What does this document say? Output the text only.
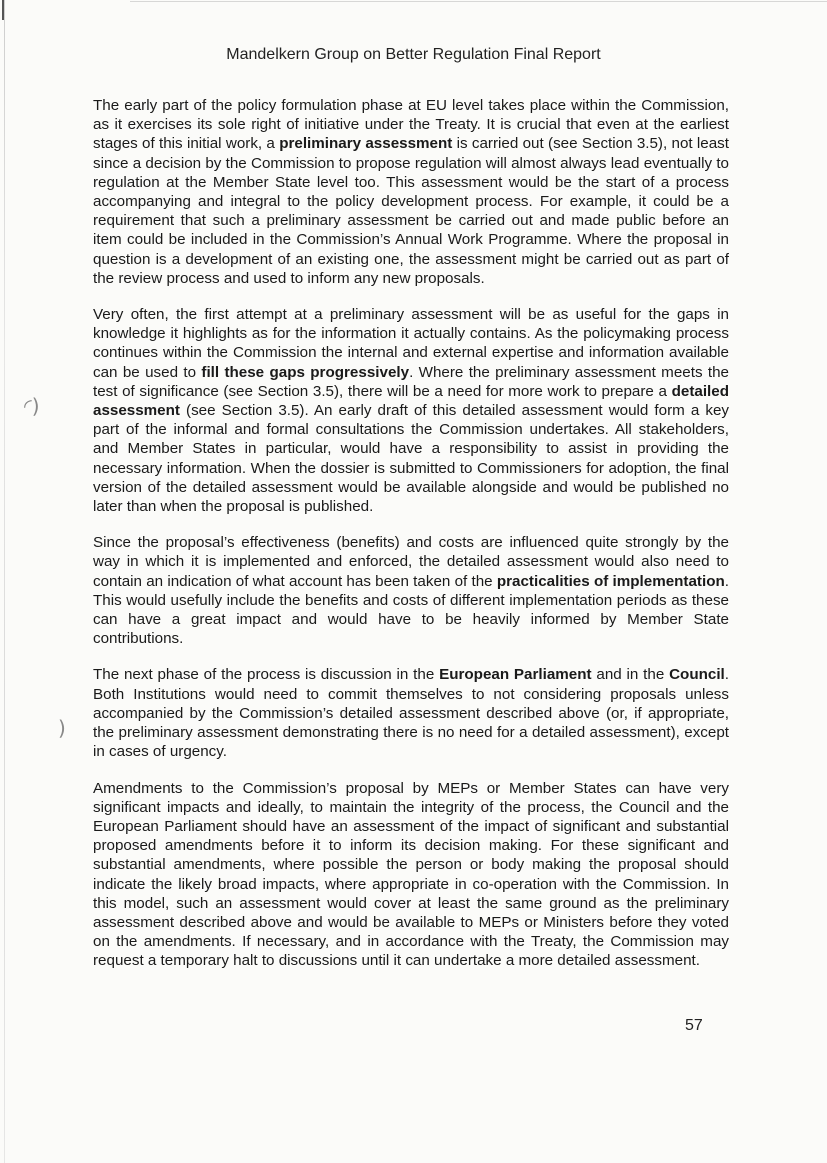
Mandelkern Group on Better Regulation Final Report
◜)
)

The early part of the policy formulation phase at EU level takes place within the Commission, as it exercises its sole right of initiative under the Treaty. It is crucial that even at the earliest stages of this initial work, a preliminary assessment is carried out (see Section 3.5), not least since a decision by the Commission to propose regulation will almost always lead eventually to regulation at the Member State level too. This assessment would be the start of a process accompanying and integral to the policy development process. For example, it could be a requirement that such a preliminary assessment be carried out and made public before an item could be included in the Commission’s Annual Work Programme. Where the proposal in question is a development of an existing one, the assessment might be carried out as part of the review process and used to inform any new proposals.

Very often, the first attempt at a preliminary assessment will be as useful for the gaps in knowledge it highlights as for the information it actually contains. As the policymaking process continues within the Commission the internal and external expertise and information available can be used to fill these gaps progressively. Where the preliminary assessment meets the test of significance (see Section 3.5), there will be a need for more work to prepare a detailed assessment (see Section 3.5). An early draft of this detailed assessment would form a key part of the informal and formal consultations the Commission undertakes. All stakeholders, and Member States in particular, would have a responsibility to assist in providing the necessary information. When the dossier is submitted to Commissioners for adoption, the final version of the detailed assessment would be available alongside and would be published no later than when the proposal is published.

Since the proposal’s effectiveness (benefits) and costs are influenced quite strongly by the way in which it is implemented and enforced, the detailed assessment would also need to contain an indication of what account has been taken of the practicalities of implementation. This would usefully include the benefits and costs of different implementation periods as these can have a great impact and would have to be heavily informed by Member State contributions.

The next phase of the process is discussion in the European Parliament and in the Council. Both Institutions would need to commit themselves to not considering proposals unless accompanied by the Commission’s detailed assessment described above (or, if appropriate, the preliminary assessment demonstrating there is no need for a detailed assessment), except in cases of urgency.

Amendments to the Commission’s proposal by MEPs or Member States can have very significant impacts and ideally, to maintain the integrity of the process, the Council and the European Parliament should have an assessment of the impact of significant and substantial proposed amendments before it to inform its decision making. For these significant and substantial amendments, where possible the person or body making the proposal should indicate the likely broad impacts, where appropriate in co-operation with the Commission. In this model, such an assessment would cover at least the same ground as the preliminary assessment described above and would be available to MEPs or Ministers before they voted on the amendments. If necessary, and in accordance with the Treaty, the Commission may request a temporary halt to discussions until it can undertake a more detailed assessment.

57
